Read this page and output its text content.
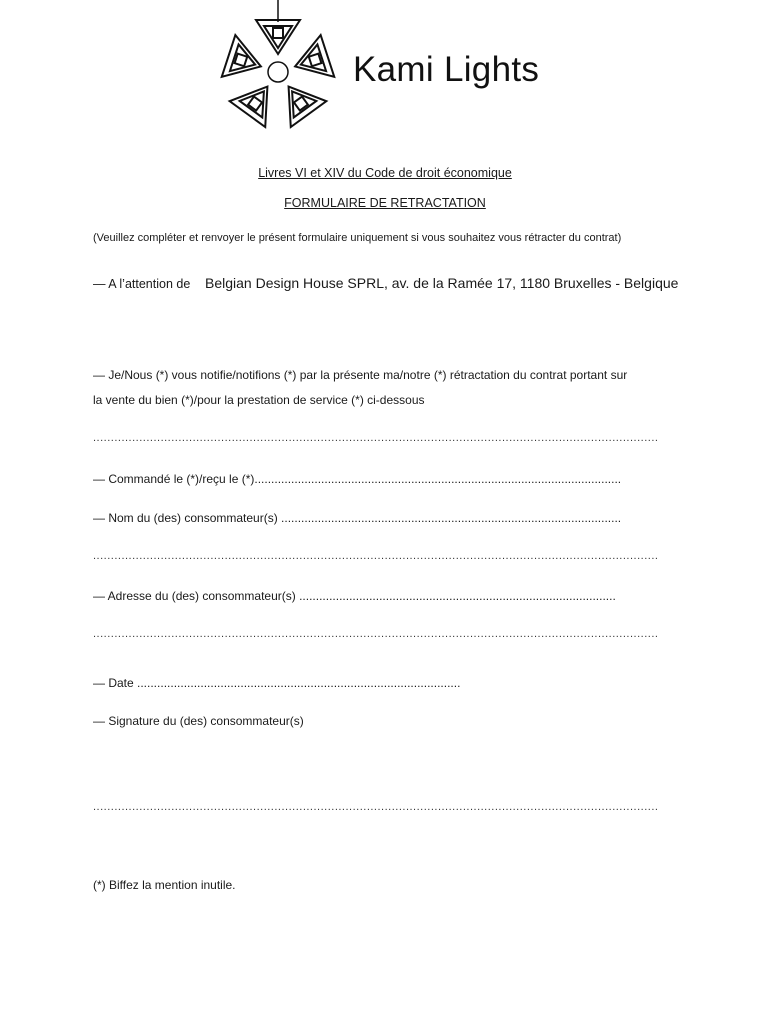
Kami Lights
Livres VI et XIV du Code de droit économique
FORMULAIRE DE RETRACTATION
(Veuillez compléter et renvoyer le présent formulaire uniquement si vous souhaitez vous rétracter du contrat)
— A l’attention de Belgian Design House SPRL, av. de la Ramée 17, 1180 Bruxelles - Belgique
— Je/Nous (*) vous notifie/notifions (*) par la présente ma/notre (*) rétractation du contrat portant sur
la vente du bien (*)/pour la prestation de service (*) ci-dessous
...............................................................................................................................................................
— Commandé le (*)/reçu le (*)..............................................................................................................
— Nom du (des) consommateur(s) ......................................................................................................
...............................................................................................................................................................
— Adresse du (des) consommateur(s) ...............................................................................................
...............................................................................................................................................................
— Date .................................................................................................
— Signature du (des) consommateur(s)
...............................................................................................................................................................
(*) Biffez la mention inutile.
